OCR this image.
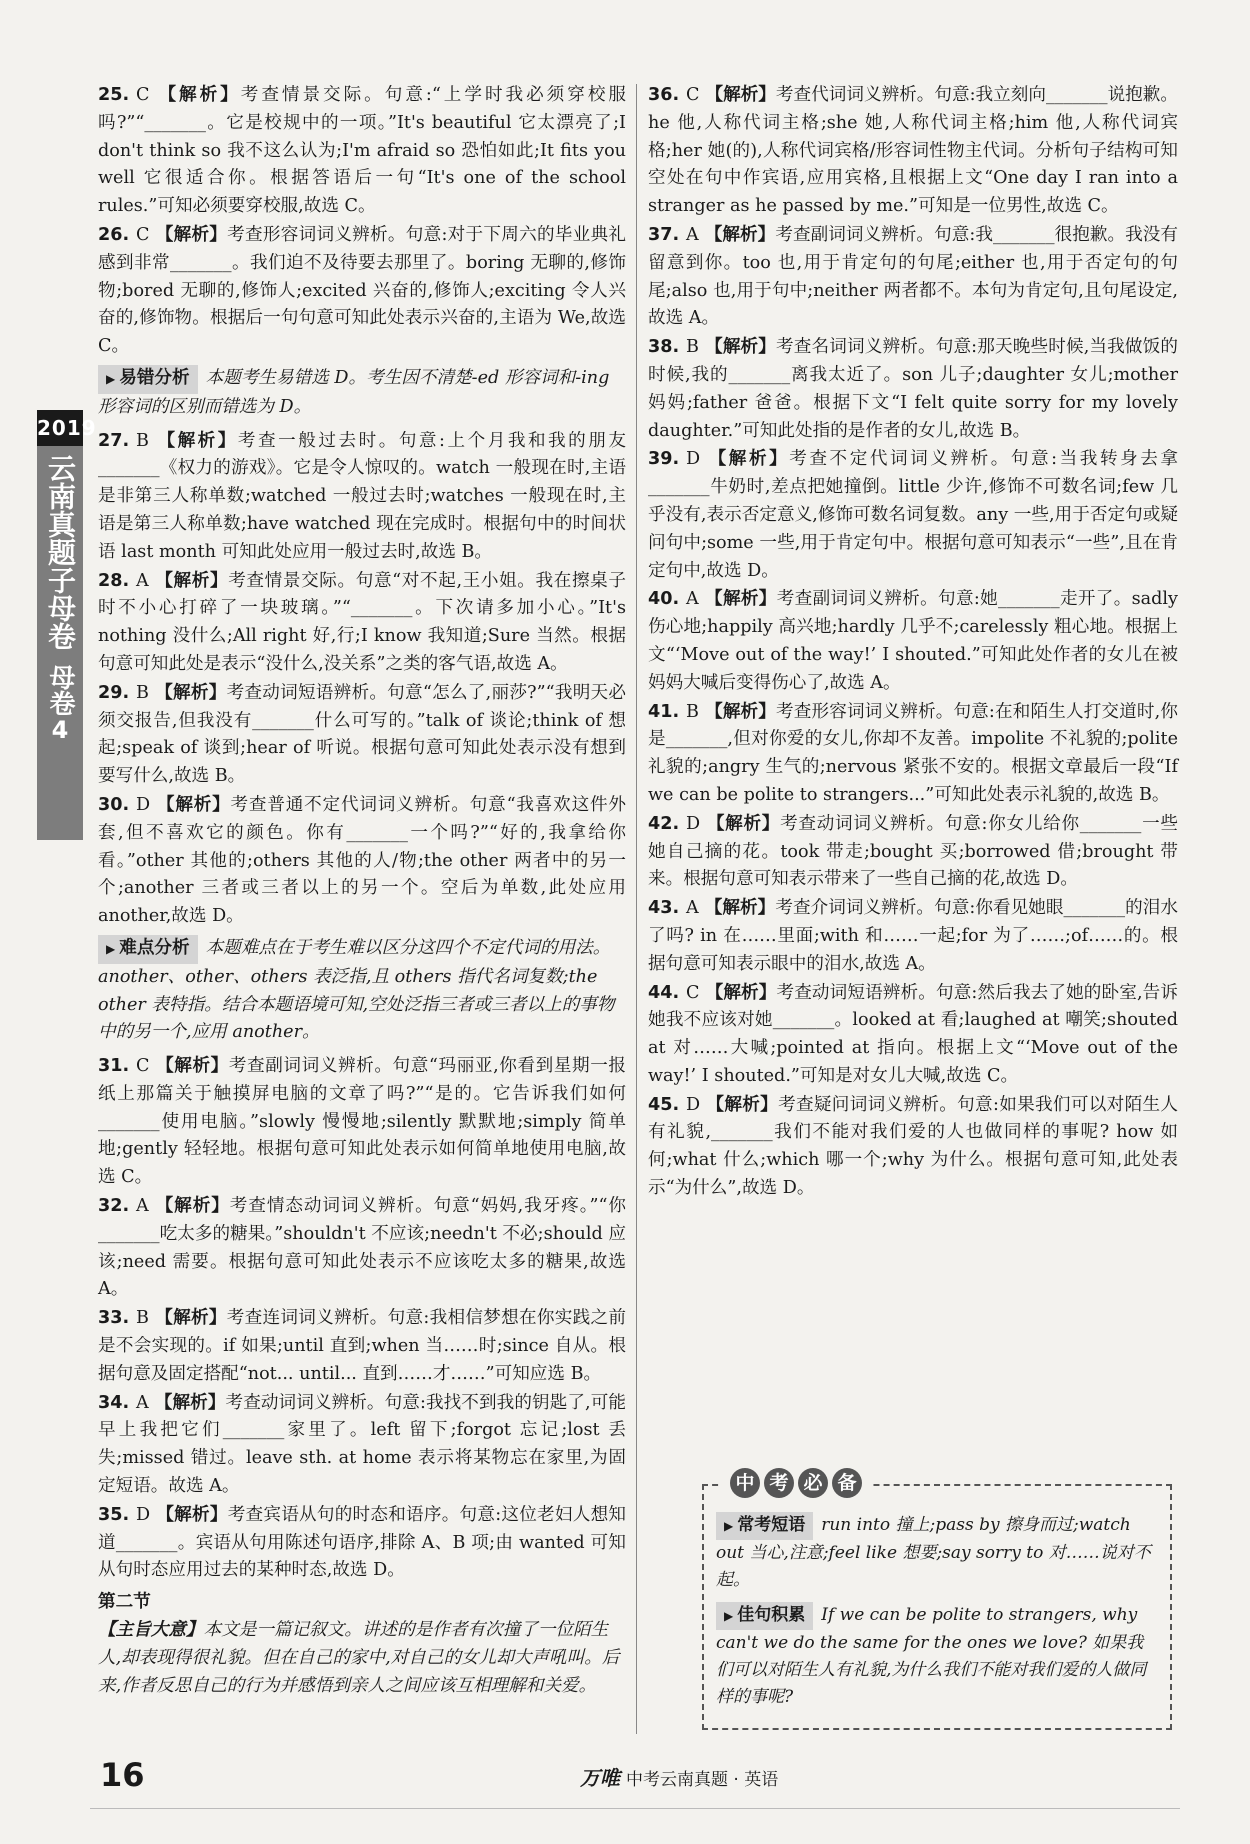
2019
云南真题子母卷
母卷
4
25. C 【解析】考查情景交际。句意:“上学时我必须穿校服吗?”“_______。它是校规中的一项。”It's beautiful 它太漂亮了;I don't think so 我不这么认为;I'm afraid so 恐怕如此;It fits you well 它很适合你。根据答语后一句“It's one of the school rules.”可知必须要穿校服,故选 C。
26. C 【解析】考查形容词词义辨析。句意:对于下周六的毕业典礼感到非常_______。我们迫不及待要去那里了。boring 无聊的,修饰物;bored 无聊的,修饰人;excited 兴奋的,修饰人;exciting 令人兴奋的,修饰物。根据后一句句意可知此处表示兴奋的,主语为 We,故选 C。
▶ 易错分析 本题考生易错选 D。考生因不清楚-ed 形容词和-ing 形容词的区别而错选为 D。
27. B 【解析】考查一般过去时。句意:上个月我和我的朋友_______《权力的游戏》。它是令人惊叹的。watch 一般现在时,主语是非第三人称单数;watched 一般过去时;watches 一般现在时,主语是第三人称单数;have watched 现在完成时。根据句中的时间状语 last month 可知此处应用一般过去时,故选 B。
28. A 【解析】考查情景交际。句意“对不起,王小姐。我在擦桌子时不小心打碎了一块玻璃。”“_______。下次请多加小心。”It's nothing 没什么;All right 好,行;I know 我知道;Sure 当然。根据句意可知此处是表示“没什么,没关系”之类的客气语,故选 A。
29. B 【解析】考查动词短语辨析。句意“怎么了,丽莎?”“我明天必须交报告,但我没有_______什么可写的。”talk of 谈论;think of 想起;speak of 谈到;hear of 听说。根据句意可知此处表示没有想到要写什么,故选 B。
30. D 【解析】考查普通不定代词词义辨析。句意“我喜欢这件外套,但不喜欢它的颜色。你有_______一个吗?”“好的,我拿给你看。”other 其他的;others 其他的人/物;the other 两者中的另一个;another 三者或三者以上的另一个。空后为单数,此处应用 another,故选 D。
▶ 难点分析 本题难点在于考生难以区分这四个不定代词的用法。another、other、others 表泛指,且 others 指代名词复数;the other 表特指。结合本题语境可知,空处泛指三者或三者以上的事物中的另一个,应用 another。
31. C 【解析】考查副词词义辨析。句意“玛丽亚,你看到星期一报纸上那篇关于触摸屏电脑的文章了吗?”“是的。它告诉我们如何_______使用电脑。”slowly 慢慢地;silently 默默地;simply 简单地;gently 轻轻地。根据句意可知此处表示如何简单地使用电脑,故选 C。
32. A 【解析】考查情态动词词义辨析。句意“妈妈,我牙疼。”“你_______吃太多的糖果。”shouldn't 不应该;needn't 不必;should 应该;need 需要。根据句意可知此处表示不应该吃太多的糖果,故选 A。
33. B 【解析】考查连词词义辨析。句意:我相信梦想在你实践之前是不会实现的。if 如果;until 直到;when 当……时;since 自从。根据句意及固定搭配“not... until... 直到……才……”可知应选 B。
34. A 【解析】考查动词词义辨析。句意:我找不到我的钥匙了,可能早上我把它们_______家里了。left 留下;forgot 忘记;lost 丢失;missed 错过。leave sth. at home 表示将某物忘在家里,为固定短语。故选 A。
35. D 【解析】考查宾语从句的时态和语序。句意:这位老妇人想知道_______。宾语从句用陈述句语序,排除 A、B 项;由 wanted 可知从句时态应用过去的某种时态,故选 D。
第二节
【主旨大意】本文是一篇记叙文。讲述的是作者有次撞了一位陌生人,却表现得很礼貌。但在自己的家中,对自己的女儿却大声吼叫。后来,作者反思自己的行为并感悟到亲人之间应该互相理解和关爱。
36. C 【解析】考查代词词义辨析。句意:我立刻向_______说抱歉。he 他,人称代词主格;she 她,人称代词主格;him 他,人称代词宾格;her 她(的),人称代词宾格/形容词性物主代词。分析句子结构可知空处在句中作宾语,应用宾格,且根据上文“One day I ran into a stranger as he passed by me.”可知是一位男性,故选 C。
37. A 【解析】考查副词词义辨析。句意:我_______很抱歉。我没有留意到你。too 也,用于肯定句的句尾;either 也,用于否定句的句尾;also 也,用于句中;neither 两者都不。本句为肯定句,且句尾设定,故选 A。
38. B 【解析】考查名词词义辨析。句意:那天晚些时候,当我做饭的时候,我的_______离我太近了。son 儿子;daughter 女儿;mother 妈妈;father 爸爸。根据下文“I felt quite sorry for my lovely daughter.”可知此处指的是作者的女儿,故选 B。
39. D 【解析】考查不定代词词义辨析。句意:当我转身去拿_______牛奶时,差点把她撞倒。little 少许,修饰不可数名词;few 几乎没有,表示否定意义,修饰可数名词复数。any 一些,用于否定句或疑问句中;some 一些,用于肯定句中。根据句意可知表示“一些”,且在肯定句中,故选 D。
40. A 【解析】考查副词词义辨析。句意:她_______走开了。sadly 伤心地;happily 高兴地;hardly 几乎不;carelessly 粗心地。根据上文“‘Move out of the way!’ I shouted.”可知此处作者的女儿在被妈妈大喊后变得伤心了,故选 A。
41. B 【解析】考查形容词词义辨析。句意:在和陌生人打交道时,你是_______,但对你爱的女儿,你却不友善。impolite 不礼貌的;polite 礼貌的;angry 生气的;nervous 紧张不安的。根据文章最后一段“If we can be polite to strangers...”可知此处表示礼貌的,故选 B。
42. D 【解析】考查动词词义辨析。句意:你女儿给你_______一些她自己摘的花。took 带走;bought 买;borrowed 借;brought 带来。根据句意可知表示带来了一些自己摘的花,故选 D。
43. A 【解析】考查介词词义辨析。句意:你看见她眼_______的泪水了吗? in 在……里面;with 和……一起;for 为了……;of……的。根据句意可知表示眼中的泪水,故选 A。
44. C 【解析】考查动词短语辨析。句意:然后我去了她的卧室,告诉她我不应该对她_______。looked at 看;laughed at 嘲笑;shouted at 对……大喊;pointed at 指向。根据上文“‘Move out of the way!’ I shouted.”可知是对女儿大喊,故选 C。
45. D 【解析】考查疑问词词义辨析。句意:如果我们可以对陌生人有礼貌,_______我们不能对我们爱的人也做同样的事呢? how 如何;what 什么;which 哪一个;why 为什么。根据句意可知,此处表示“为什么”,故选 D。
中 考 必 备
▶ 常考短语 run into 撞上;pass by 擦身而过;watch out 当心,注意;feel like 想要;say sorry to 对……说对不起。
▶ 佳句积累 If we can be polite to strangers, why can't we do the same for the ones we love? 如果我们可以对陌生人有礼貌,为什么我们不能对我们爱的人做同样的事呢?
16	万唯 中考云南真题 · 英语
